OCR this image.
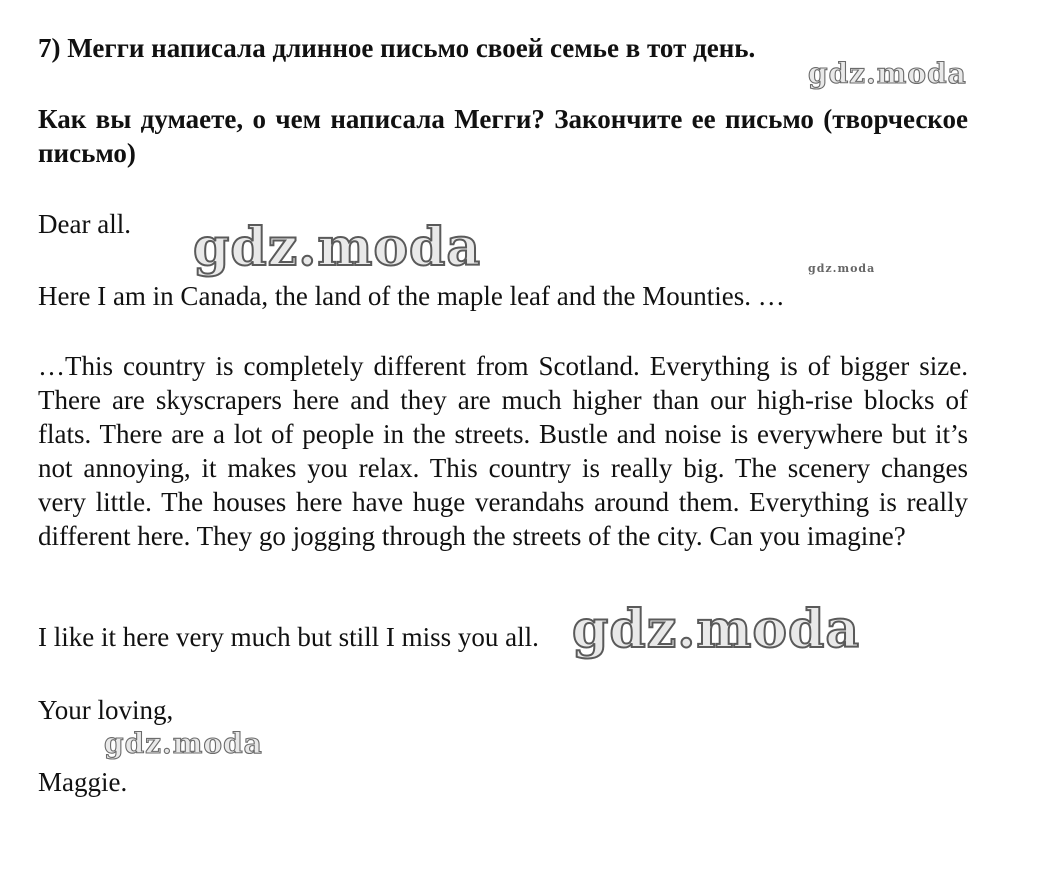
7) Мегги написала длинное письмо своей семье в тот день.

Как вы думаете, о чем написала Мегги? Закончите ее письмо (творческое письмо)

Dear all.

Here I am in Canada, the land of the maple leaf and the Mounties. …

…This country is completely different from Scotland. Everything is of bigger size. There are skyscrapers here and they are much higher than our high-rise blocks of flats. There are a lot of people in the streets. Bustle and noise is everywhere but it’s not annoying, it makes you relax. This country is really big. The scenery changes very little. The houses here have huge verandahs around them. Everything is really different here. They go jogging through the streets of the city. Can you imagine?

I like it here very much but still I miss you all.

Your loving,

Maggie.

gdz.moda
gdz.moda	gdz.moda
gdz.moda
gdz.moda
